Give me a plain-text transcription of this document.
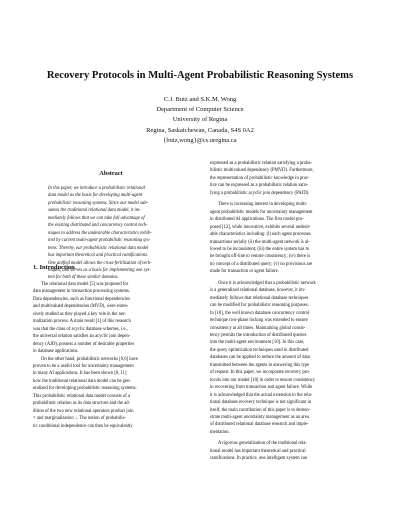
Recovery Protocols in Multi-Agent Probabilistic Reasoning Systems
C.J. Butz and S.K.M. Wong
Department of Computer Science
University of Regina
Regina, Saskatchewan, Canada, S4S 0A2
{butz,wong}@cs.uregina.ca
Abstract
In this paper, we introduce a probabilistic relational
data model as the basis for developing multi-agent
probabilistic reasoning systems. Since our model sub-
sumes the traditional relational data model, it im-
mediately follows that we can take full advantage of
the existing distributed and concurrency control tech-
niques to address the undesirable characteristics exhib-
ited by current multi-agent probabilistic reasoning sys-
tems. Thereby, our probabilistic relational data model
has important theoretical and practical ramifications.
One unified model allows the cross-fertilization of tech-
niques, and serves as a basis for implementing one sys-
tem for both of these similar domains.
1. Introduction
The relational data model [5] was proposed for
data management in transaction processing systems.
Data dependencies, such as functional dependencies
and multivalued dependencies (MVD), were exten-
sively studied as they played a key role in the nor-
malization process. A main result [1] of this research
was that the class of acyclic database schemes, i.e.,
the universal relation satisfies an acyclic join depen-
dency (AJD), possess a number of desirable properties
in database applications.
On the other hand, probabilistic networks [6,6] have
proven to be a useful tool for uncertainty management
in many AI applications. It has been shown [8, 11]
how the traditional relational data model can be gen-
eralized for developing probabilistic reasoning systems.
This probabilistic relational data model consists of a
probabilistic relation as its data structure and the ad-
dition of the two new relational operators product join
× and marginalization ↓. The notion of probabilis-
tic conditional independence can then be equivalently
expressed as a probabilistic relation satisfying a proba-
bilistic multivalued dependency (PMVD). Furthermore,
the representation of probabilistic knowledge in prac-
tice can be expressed as a probabilistic relation satis-
fying a probabilistic acyclic join dependency (PAJD).
There is increasing interest in developing multi-
agent probabilistic models for uncertainty management
in distributed AI applications. The first model pro-
posed [12], while innovative, exhibits several undesir-
able characteristics including: (i) each agent processes
transactions serially (ii) the multi-agent network is al-
lowed to be inconsistent; (iii) the entire system has to
be brought off-line to restore consistency; (iv) there is
no concept of a distributed query; (v) no provisions are
made for transaction or agent failure.
Once it is acknowledged that a probabilistic network
is a generalized relational database, however, it im-
mediately follows that relational database techniques
can be modified for probabilistic reasoning purposes.
In [10], the well known database concurrency control
technique two-phase locking was extended to ensure
consistency at all times. Maintaining global consis-
tency permits the introduction of distributed queries
into the multi-agent environment [10]. In this case,
the query optimization techniques used in distributed
databases can be applied to reduce the amount of data
transmitted between the agents in answering this type
of request. In this paper, we incorporate recovery pro-
tocols into our model [10] in order to ensure consistency
in recovering from transaction and agent failure. While
it is acknowledged that the actual extension to the rela-
tional database recovery technique is not significant in
itself, the main contribution of this paper is to demon-
strate multi-agent uncertainty management as an area
of distributed relational database research and imple-
mentation.
A rigorous generalization of the traditional rela-
tional model has important theoretical and practical
ramifications. In practice, one intelligent system can
